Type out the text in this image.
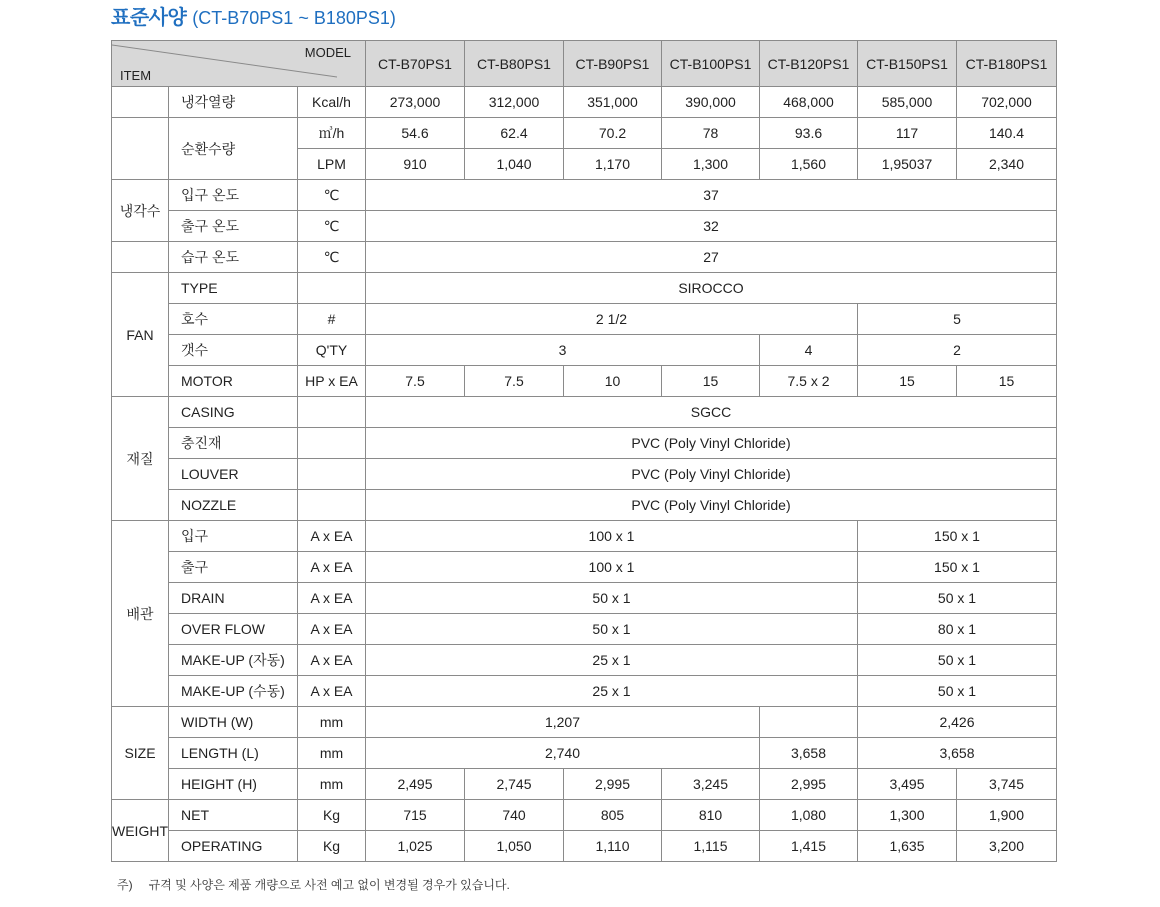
표준사양 (CT-B70PS1 ~ B180PS1)
MODEL
ITEM			CT-B70PS1	CT-B80PS1	CT-B90PS1	CT-B100PS1	CT-B120PS1	CT-B150PS1	CT-B180PS1
	냉각열량	Kcal/h	273,000	312,000	351,000	390,000	468,000	585,000	702,000
	순환수량	㎥/h	54.6	62.4	70.2	78	93.6	117	140.4
		LPM	910	1,040	1,170	1,300	1,560	1,95037	2,340
냉각수	입구 온도	℃	37						
	출구 온도	℃	32						
	습구 온도	℃	27						
FAN	TYPE		SIROCCO						
	호수	#	2 1/2					5	
	갯수	Q'TY	3				4	2	
	MOTOR	HP x EA	7.5	7.5	10	15	7.5 x 2	15	15
재질	CASING		SGCC						
	충진재		PVC (Poly Vinyl Chloride)						
	LOUVER		PVC (Poly Vinyl Chloride)						
	NOZZLE		PVC (Poly Vinyl Chloride)						
배관	입구	A x EA	100 x 1					150 x 1	
	출구	A x EA	100 x 1					150 x 1	
	DRAIN	A x EA	50 x 1					50 x 1	
	OVER FLOW	A x EA	50 x 1					80 x 1	
	MAKE-UP (자동)	A x EA	25 x 1					50 x 1	
	MAKE-UP (수동)	A x EA	25 x 1					50 x 1	
SIZE	WIDTH (W)	mm	1,207					2,426	
	LENGTH (L)	mm	2,740				3,658	3,658	
	HEIGHT (H)	mm	2,495	2,745	2,995	3,245	2,995	3,495	3,745
WEIGHT	NET	Kg	715	740	805	810	1,080	1,300	1,900
	OPERATING	Kg	1,025	1,050	1,110	1,115	1,415	1,635	3,200
주) 규격 및 사양은 제품 개량으로 사전 예고 없이 변경될 경우가 있습니다.
